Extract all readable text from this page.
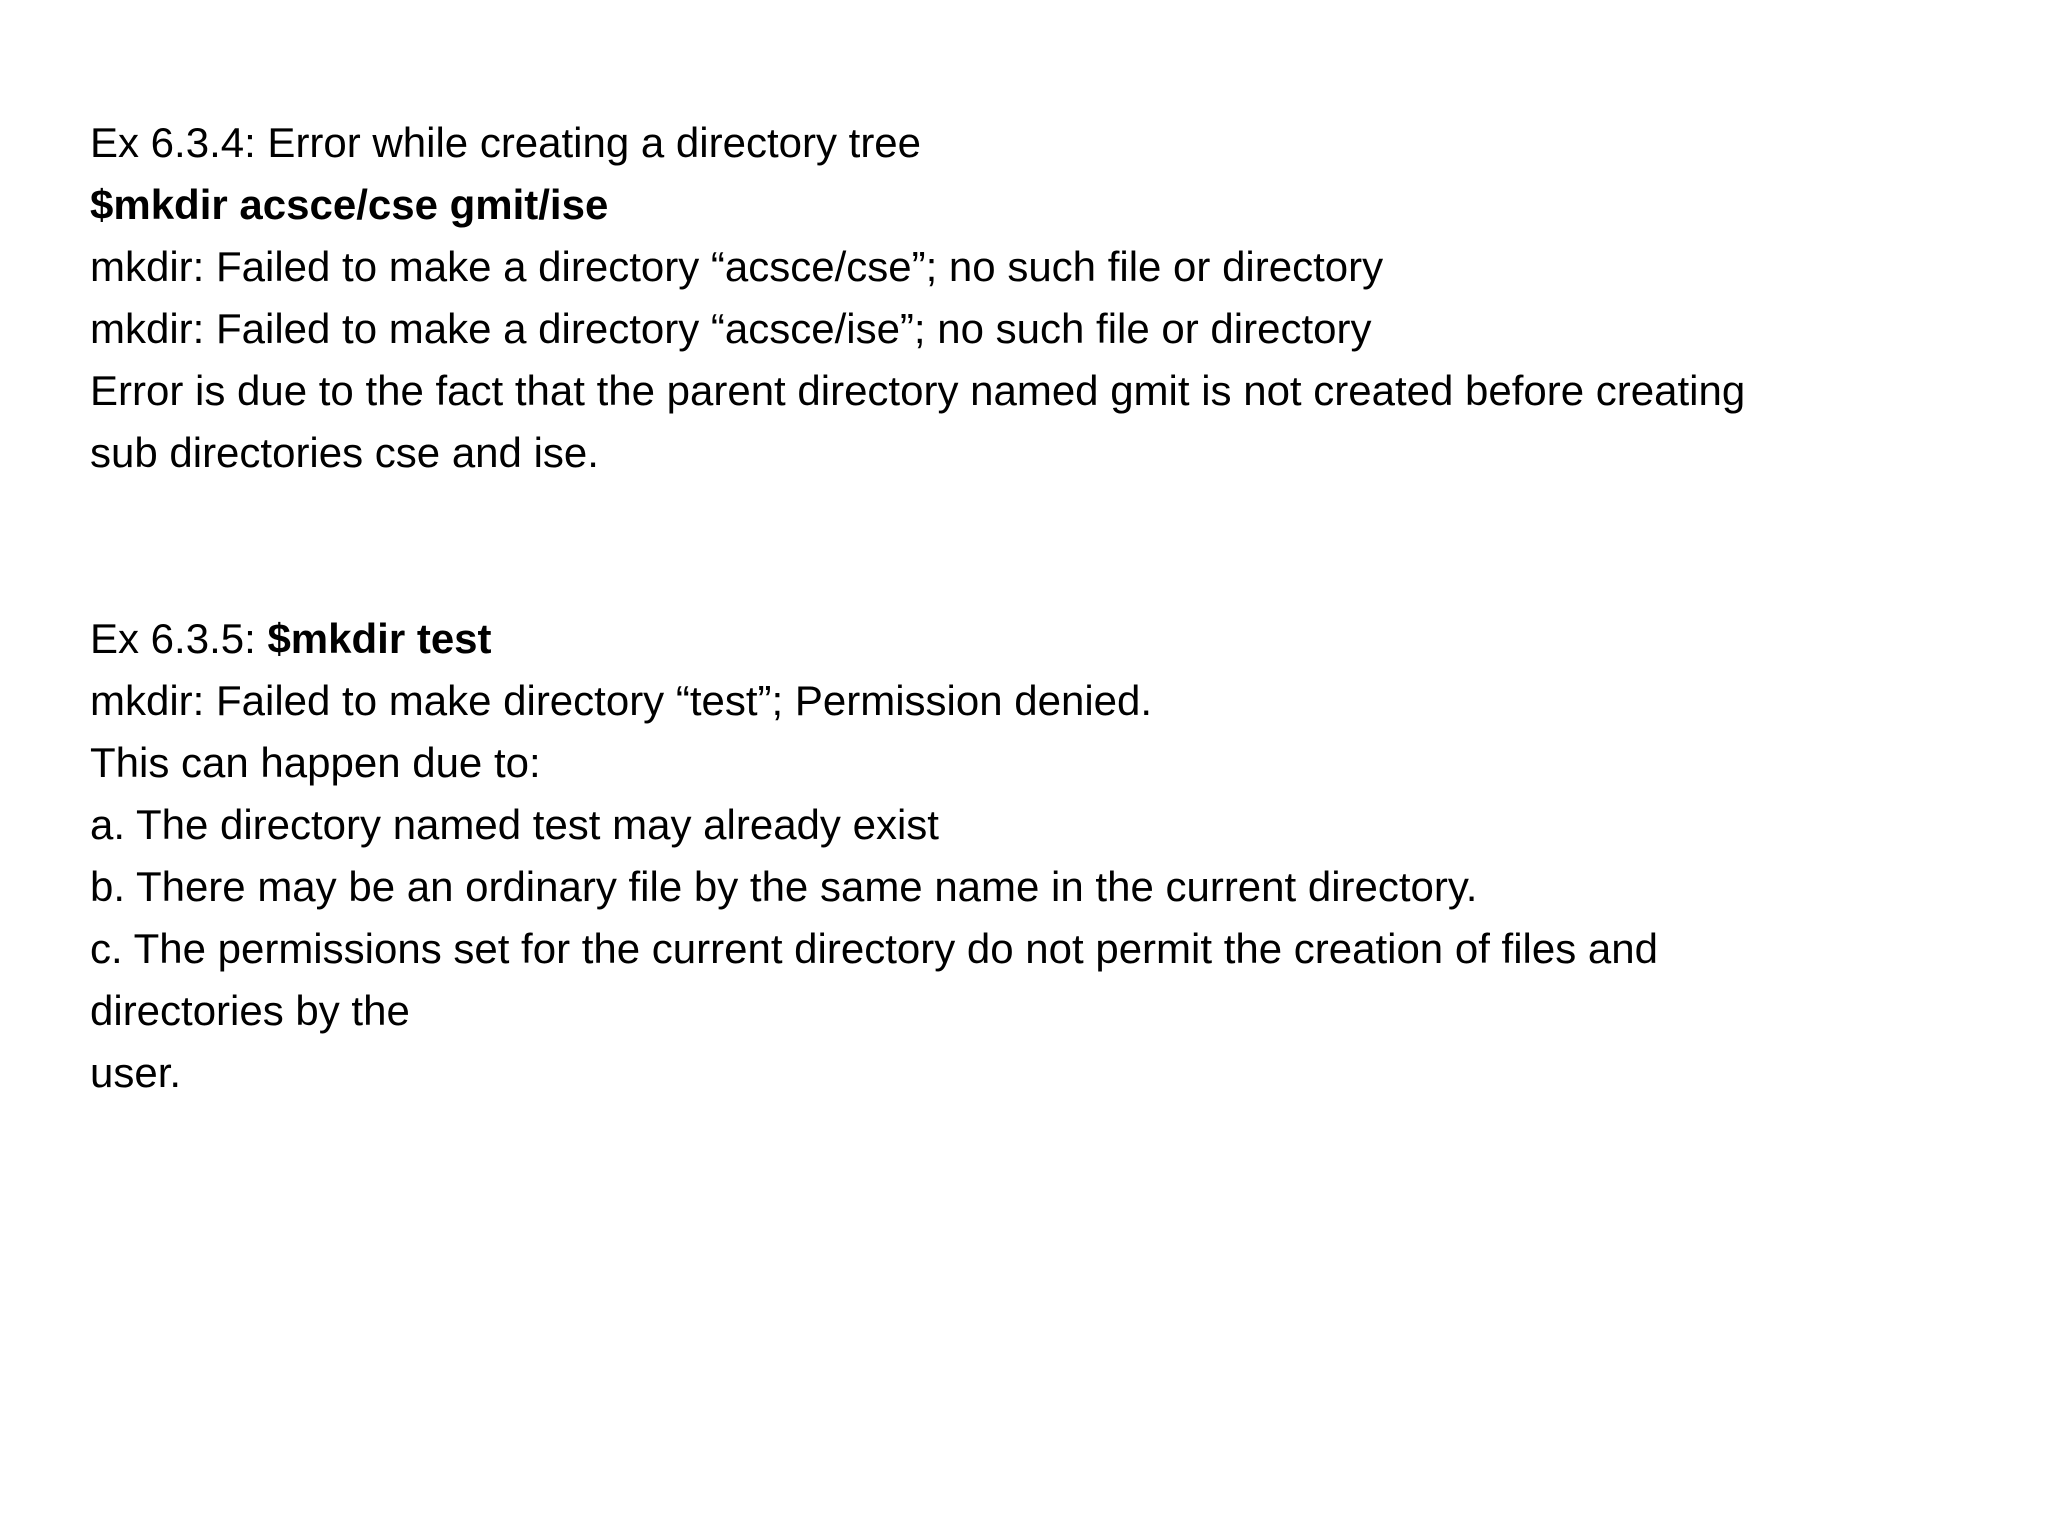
Ex 6.3.4: Error while creating a directory tree
$mkdir acsce/cse gmit/ise
mkdir: Failed to make a directory “acsce/cse”; no such file or directory
mkdir: Failed to make a directory “acsce/ise”; no such file or directory
Error is due to the fact that the parent directory named gmit is not created before creating
sub directories cse and ise.
Ex 6.3.5: $mkdir test
mkdir: Failed to make directory “test”; Permission denied.
This can happen due to:
a. The directory named test may already exist
b. There may be an ordinary file by the same name in the current directory.
c. The permissions set for the current directory do not permit the creation of files and
directories by the
user.
